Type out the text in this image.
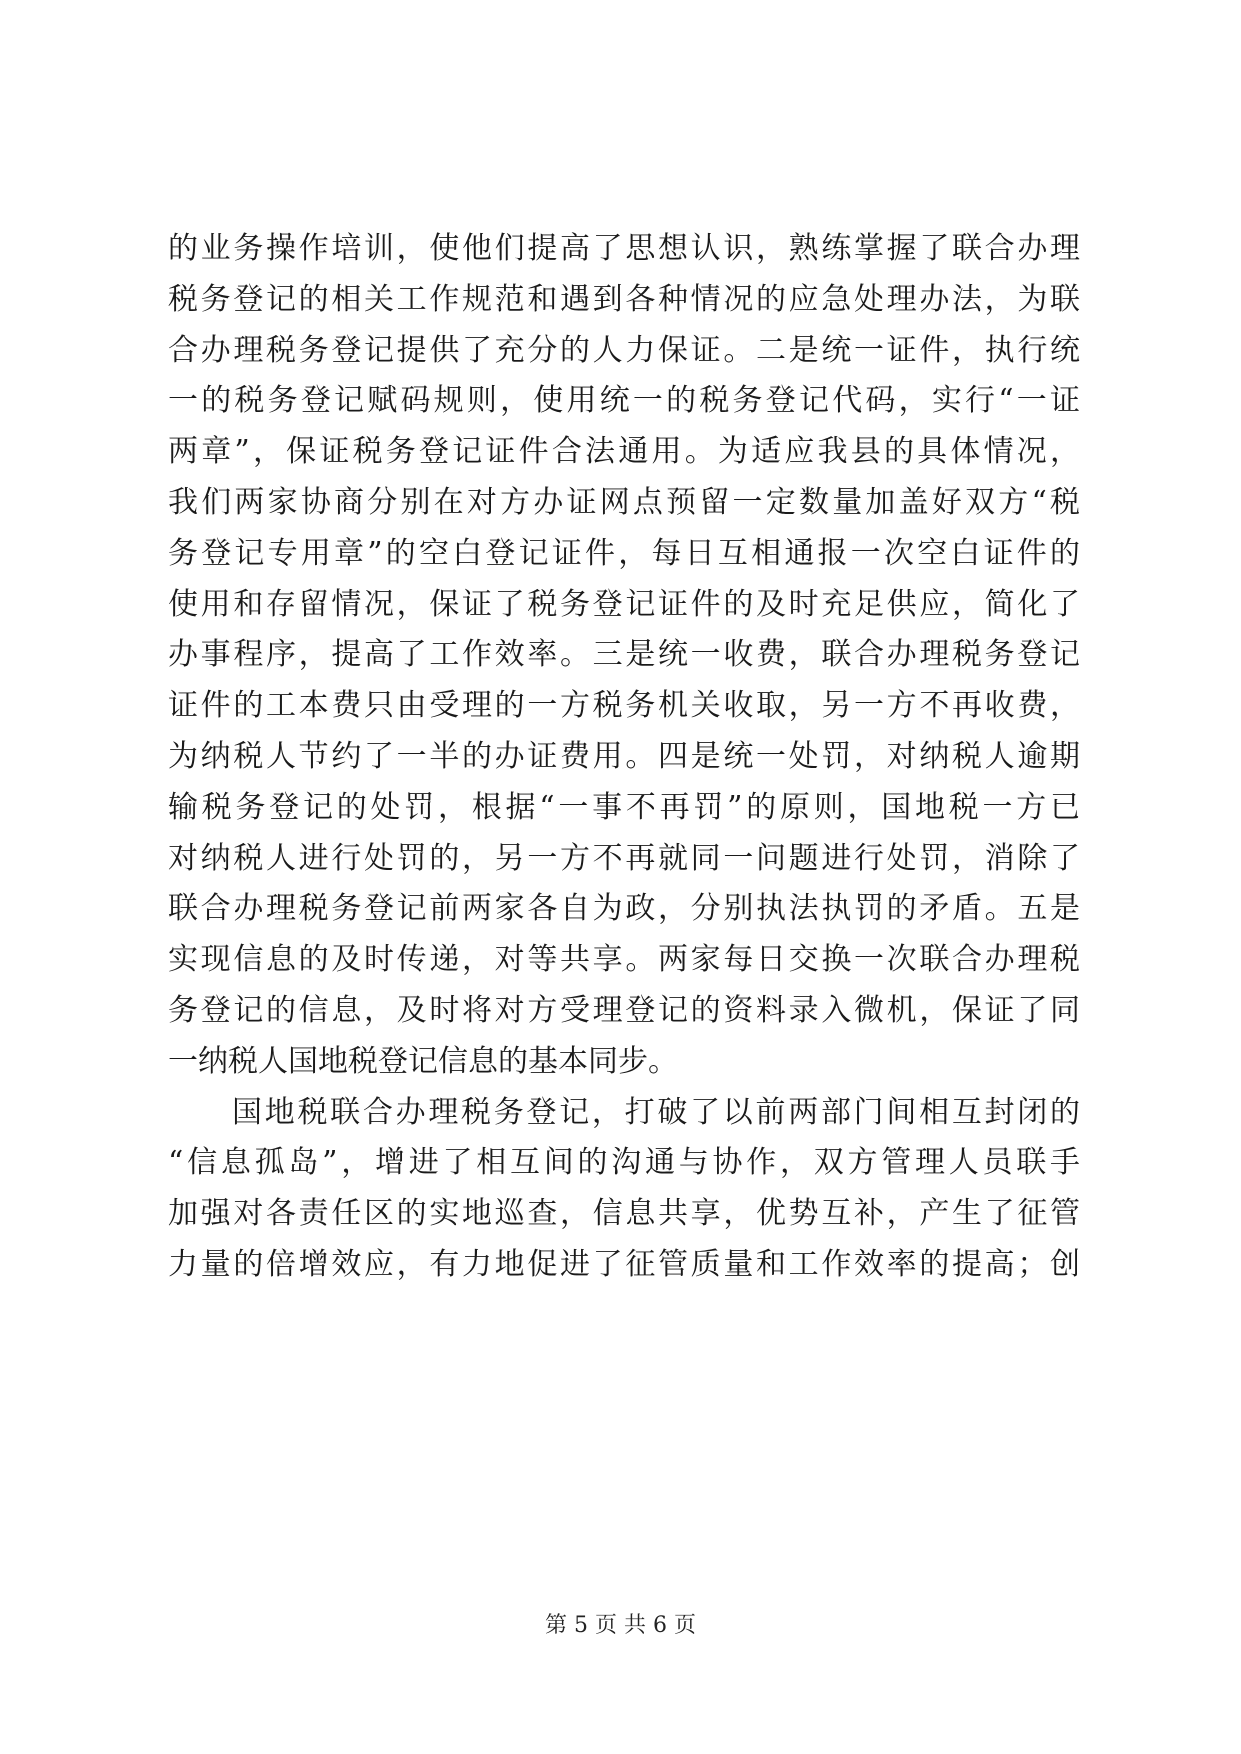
的业务操作培训，使他们提高了思想认识，熟练掌握了联合办理
税务登记的相关工作规范和遇到各种情况的应急处理办法，为联
合办理税务登记提供了充分的人力保证。二是统一证件，执行统
一的税务登记赋码规则，使用统一的税务登记代码，实行“一证
两章”，保证税务登记证件合法通用。为适应我县的具体情况，
我们两家协商分别在对方办证网点预留一定数量加盖好双方“税
务登记专用章”的空白登记证件，每日互相通报一次空白证件的
使用和存留情况，保证了税务登记证件的及时充足供应，简化了
办事程序，提高了工作效率。三是统一收费，联合办理税务登记
证件的工本费只由受理的一方税务机关收取，另一方不再收费，
为纳税人节约了一半的办证费用。四是统一处罚，对纳税人逾期
输税务登记的处罚，根据“一事不再罚”的原则，国地税一方已
对纳税人进行处罚的，另一方不再就同一问题进行处罚，消除了
联合办理税务登记前两家各自为政，分别执法执罚的矛盾。五是
实现信息的及时传递，对等共享。两家每日交换一次联合办理税
务登记的信息，及时将对方受理登记的资料录入微机，保证了同
一纳税人国地税登记信息的基本同步。
国地税联合办理税务登记，打破了以前两部门间相互封闭的
“信息孤岛”，增进了相互间的沟通与协作，双方管理人员联手
加强对各责任区的实地巡查，信息共享，优势互补，产生了征管
力量的倍增效应，有力地促进了征管质量和工作效率的提高；创
第 5 页 共 6 页
